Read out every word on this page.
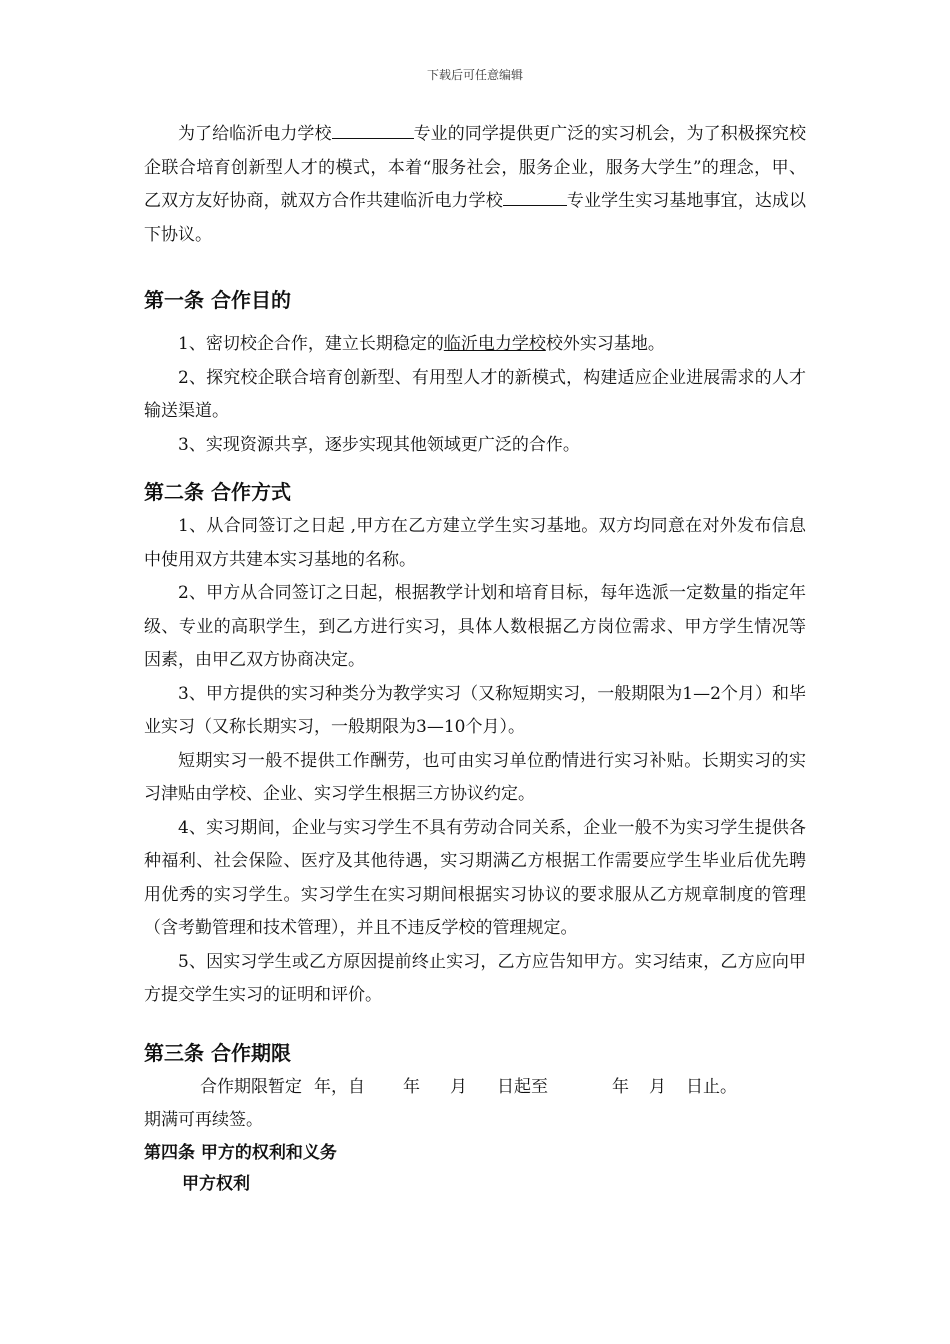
下载后可任意编辑

为了给临沂电力学校	专业的同学提供更广泛的实习机会，为了积极探究校企联合培育创新型人才的模式，本着“服务社会，服务企业，服务大学生”的理念，甲、乙双方友好协商，就双方合作共建临沂电力学校	专业学生实习基地事宜，达成以下协议。

第一条 合作目的

1、密切校企合作，建立长期稳定的临沂电力学校校外实习基地。

2、探究校企联合培育创新型、有用型人才的新模式，构建适应企业进展需求的人才输送渠道。

3、实现资源共享，逐步实现其他领域更广泛的合作。

第二条 合作方式

1、从合同签订之日起 ,甲方在乙方建立学生实习基地。双方均同意在对外发布信息中使用双方共建本实习基地的名称。

2、甲方从合同签订之日起，根据教学计划和培育目标，每年选派一定数量的指定年级、专业的高职学生，到乙方进行实习，具体人数根据乙方岗位需求、甲方学生情况等因素，由甲乙双方协商决定。

3、甲方提供的实习种类分为教学实习（又称短期实习，一般期限为1—2个月）和毕业实习（又称长期实习，一般期限为3—10个月）。

短期实习一般不提供工作酬劳，也可由实习单位酌情进行实习补贴。长期实习的实习津贴由学校、企业、实习学生根据三方协议约定。

4、实习期间，企业与实习学生不具有劳动合同关系，企业一般不为实习学生提供各种福利、社会保险、医疗及其他待遇，实习期满乙方根据工作需要应学生毕业后优先聘用优秀的实习学生。实习学生在实习期间根据实习协议的要求服从乙方规章制度的管理（含考勤管理和技术管理），并且不违反学校的管理规定。

5、因实习学生或乙方原因提前终止实习，乙方应告知甲方。实习结束，乙方应向甲方提交学生实习的证明和评价。

第三条 合作期限

合作期限暂定 年，自 年 月 日起至	年 月 日止。

期满可再续签。

第四条 甲方的权利和义务
甲方权利
